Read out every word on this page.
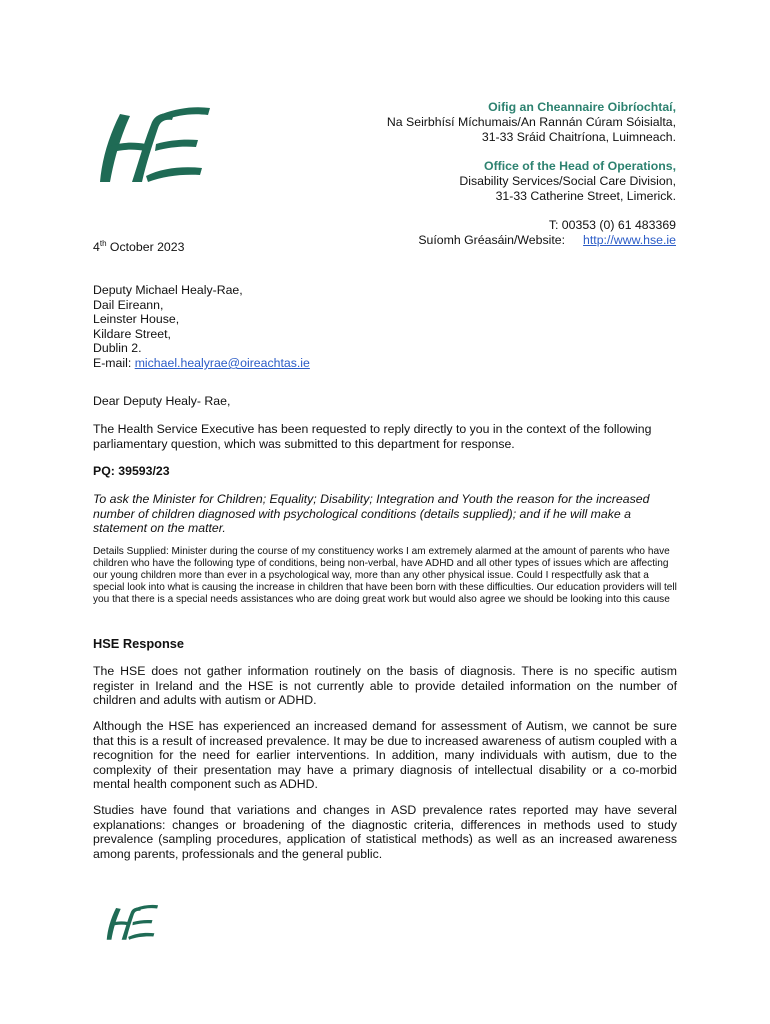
Oifig an Cheannaire Oibríochtaí,
Na Seirbhísí Míchumais/An Rannán Cúram Sóisialta,
31-33 Sráid Chaitríona, Luimneach.
Office of the Head of Operations,
Disability Services/Social Care Division,
31-33 Catherine Street, Limerick.
T: 00353 (0) 61 483369
Suíomh Gréasáin/Website: http://www.hse.ie
4th October 2023
Deputy Michael Healy-Rae,
Dail Eireann,
Leinster House,
Kildare Street,
Dublin 2.
E-mail: michael.healyrae@oireachtas.ie
Dear Deputy Healy- Rae,
The Health Service Executive has been requested to reply directly to you in the context of the following parliamentary question, which was submitted to this department for response.
PQ: 39593/23
To ask the Minister for Children; Equality; Disability; Integration and Youth the reason for the increased number of children diagnosed with psychological conditions (details supplied); and if he will make a statement on the matter.
Details Supplied: Minister during the course of my constituency works I am extremely alarmed at the amount of parents who have children who have the following type of conditions, being non-verbal, have ADHD and all other types of issues which are affecting our young children more than ever in a psychological way, more than any other physical issue. Could I respectfully ask that a special look into what is causing the increase in children that have been born with these difficulties. Our education providers will tell you that there is a special needs assistances who are doing great work but would also agree we should be looking into this cause
HSE Response
The HSE does not gather information routinely on the basis of diagnosis. There is no specific autism register in Ireland and the HSE is not currently able to provide detailed information on the number of children and adults with autism or ADHD.
Although the HSE has experienced an increased demand for assessment of Autism, we cannot be sure that this is a result of increased prevalence. It may be due to increased awareness of autism coupled with a recognition for the need for earlier interventions. In addition, many individuals with autism, due to the complexity of their presentation may have a primary diagnosis of intellectual disability or a co-morbid mental health component such as ADHD.
Studies have found that variations and changes in ASD prevalence rates reported may have several explanations: changes or broadening of the diagnostic criteria, differences in methods used to study prevalence (sampling procedures, application of statistical methods) as well as an increased awareness among parents, professionals and the general public.
